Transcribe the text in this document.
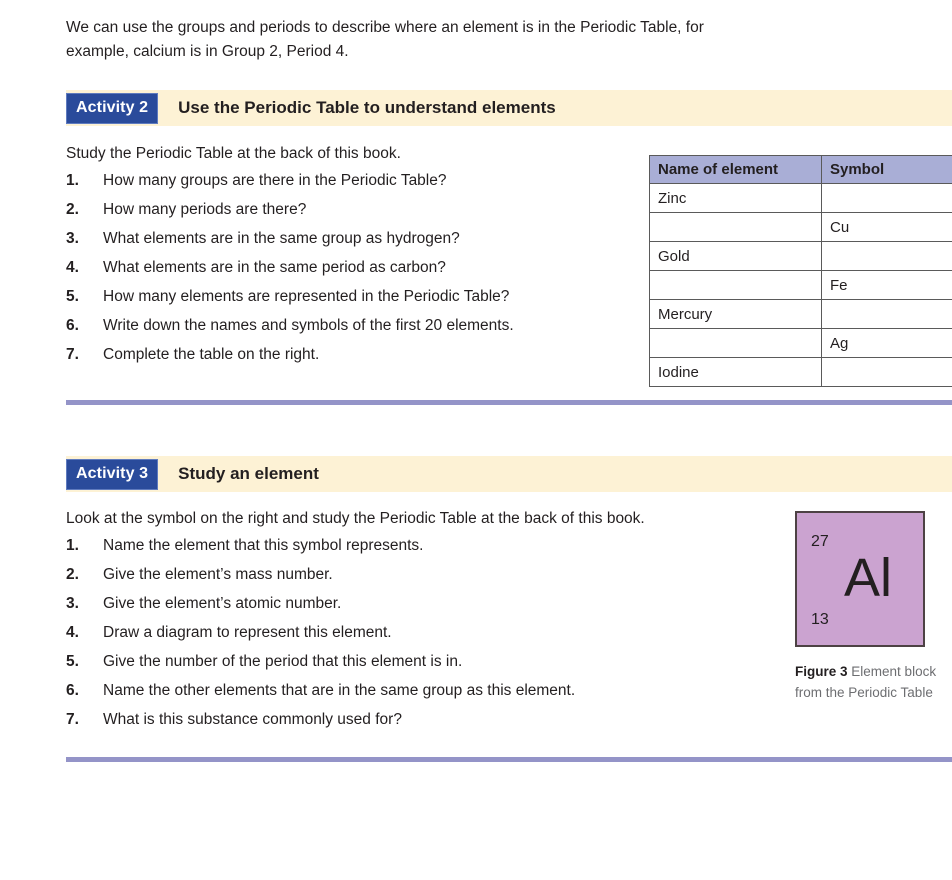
We can use the groups and periods to describe where an element is in the Periodic Table, for example, calcium is in Group 2, Period 4.

Activity 2	Use the Periodic Table to understand elements
Study the Periodic Table at the back of this book.
1.	How many groups are there in the Periodic Table?
2.	How many periods are there?
3.	What elements are in the same group as hydrogen?
4.	What elements are in the same period as carbon?
5.	How many elements are represented in the Periodic Table?
6.	Write down the names and symbols of the first 20 elements.
7.	Complete the table on the right.
Name of element	Symbol
Zinc	
	Cu
Gold	
	Fe
Mercury	
	Ag
Iodine	
Activity 3	Study an element
Look at the symbol on the right and study the Periodic Table at the back of this book.
1.	Name the element that this symbol represents.
2.	Give the element’s mass number.
3.	Give the element’s atomic number.
4.	Draw a diagram to represent this element.
5.	Give the number of the period that this element is in.
6.	Name the other elements that are in the same group as this element.
7.	What is this substance commonly used for?
27
Al
13
Figure 3 Element block from the Periodic Table
